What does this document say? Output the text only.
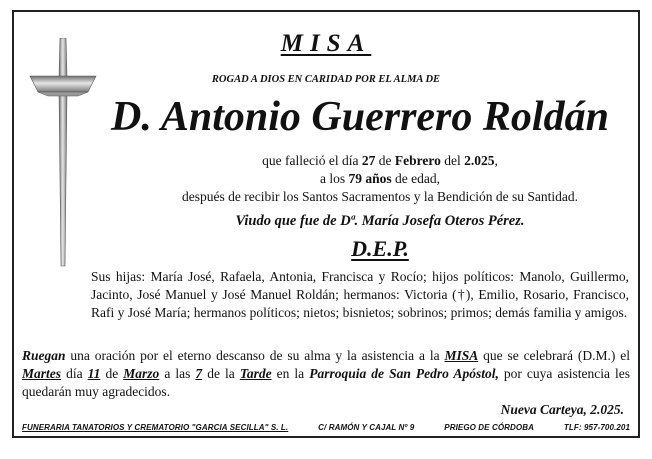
MISA
ROGAD A DIOS EN CARIDAD POR EL ALMA DE
D. Antonio Guerrero Roldán
que falleció el día 27 de Febrero del 2.025,
a los 79 años de edad,
después de recibir los Santos Sacramentos y la Bendición de su Santidad.
Viudo que fue de Dª. María Josefa Oteros Pérez.
D.E.P.
Sus hijas: María José, Rafaela, Antonia, Francisca y Rocío; hijos políticos: Manolo, Guillermo, Jacinto, José Manuel y José Manuel Roldán; hermanos: Victoria (†), Emilio, Rosario, Francisco, Rafi y José María; hermanos políticos; nietos; bisnietos; sobrinos; primos; demás familia y amigos.
Ruegan una oración por el eterno descanso de su alma y la asistencia a la MISA que se celebrará (D.M.) el Martes día 11 de Marzo a las 7 de la Tarde en la Parroquia de San Pedro Apóstol, por cuya asistencia les quedarán muy agradecidos.
Nueva Carteya, 2.025.
FUNERARIA TANATORIOS Y CREMATORIO "GARCIA SECILLA" S. L.	C/ RAMÓN Y CAJAL Nº 9	PRIEGO DE CÓRDOBA	TLF: 957-700.201
